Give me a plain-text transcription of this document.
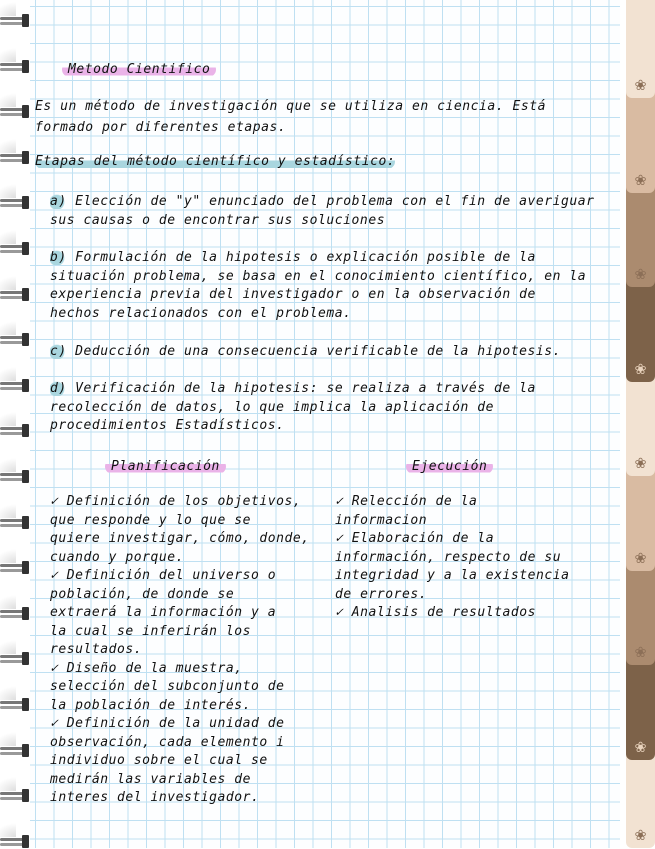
❀
❀
❀
❀
❀
❀
❀
❀
❀
Metodo Cientifico
Es un método de investigación que se utiliza en ciencia. Está
formado por diferentes etapas.
Etapas del método científico y estadístico:
a) Elección de "y" enunciado del problema con el fin de averiguar
sus causas o de encontrar sus soluciones
b) Formulación de la hipotesis o explicación posible de la
situación problema, se basa en el conocimiento científico, en la
experiencia previa del investigador o en la observación de
hechos relacionados con el problema.
c) Deducción de una consecuencia verificable de la hipotesis.
d) Verificación de la hipotesis: se realiza a través de la
recolección de datos, lo que implica la aplicación de
procedimientos Estadísticos.
Planificación	Ejecución
✓ Definición de los objetivos,
que responde y lo que se
quiere investigar, cómo, donde,
cuando y porque.
✓ Definición del universo o
población, de donde se
extraerá la información y a
la cual se inferirán los
resultados.
✓ Diseño de la muestra,
selección del subconjunto de
la población de interés.
✓ Definición de la unidad de
observación, cada elemento i
individuo sobre el cual se
medirán las variables de
interes del investigador.
✓ Relección de la
informacion
✓ Elaboración de la
información, respecto de su
integridad y a la existencia
de errores.
✓ Analisis de resultados
